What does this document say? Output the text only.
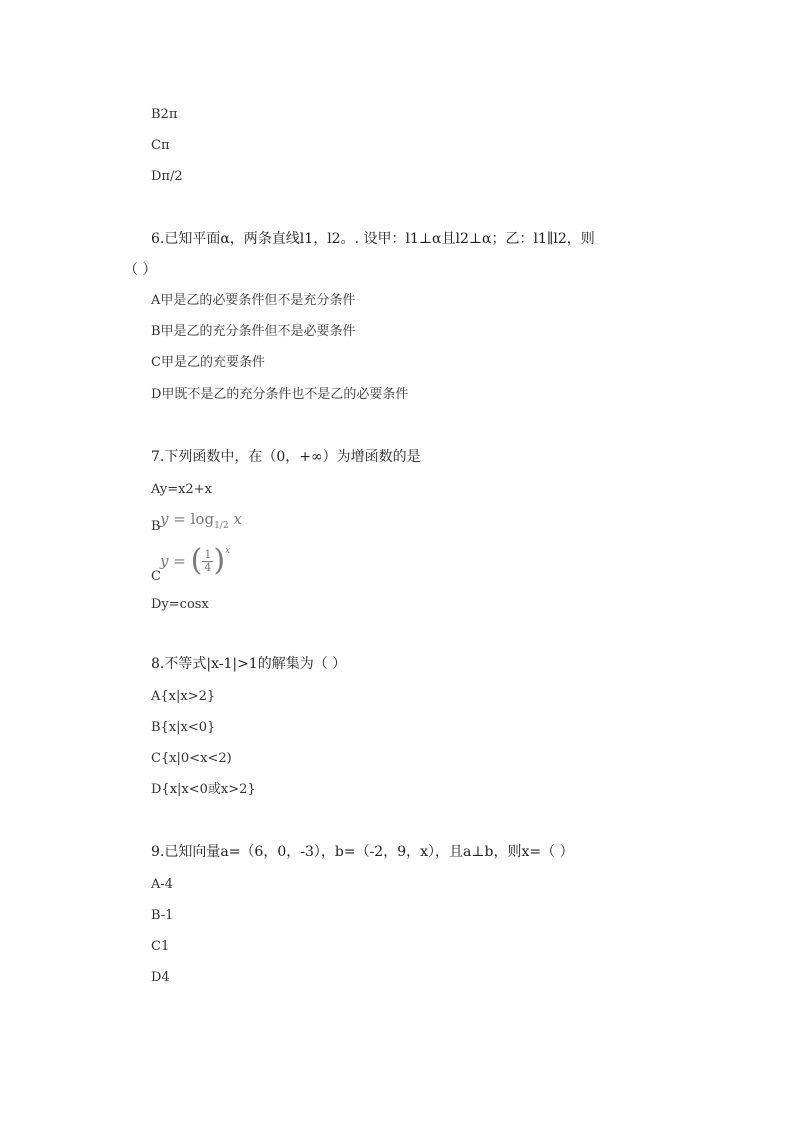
B2π
Cπ
Dπ/2
6.已知平面α，两条直线l1，l2。. 设甲：l1⊥α且l2⊥α；乙：l1∥l2，则
（ ）
A甲是乙的必要条件但不是充分条件
B甲是乙的充分条件但不是必要条件
C甲是乙的充要条件
D甲既不是乙的充分条件也不是乙的必要条件
7.下列函数中，在（0，+∞）为增函数的是
Ay=x2+x
B $y = \log_{1/2} x$
C
y = ( $\frac{1}{4} )^x$
Dy=cosx
8.不等式|x-1|>1的解集为（ ）
A{x|x>2}
B{x|x<0}
C{x|0<x<2)
D{x|x<0或x>2}
9.已知向量a=（6，0，-3），b=（-2，9，x），且a⊥b，则x=（ ）
A-4
B-1
C1
D4
